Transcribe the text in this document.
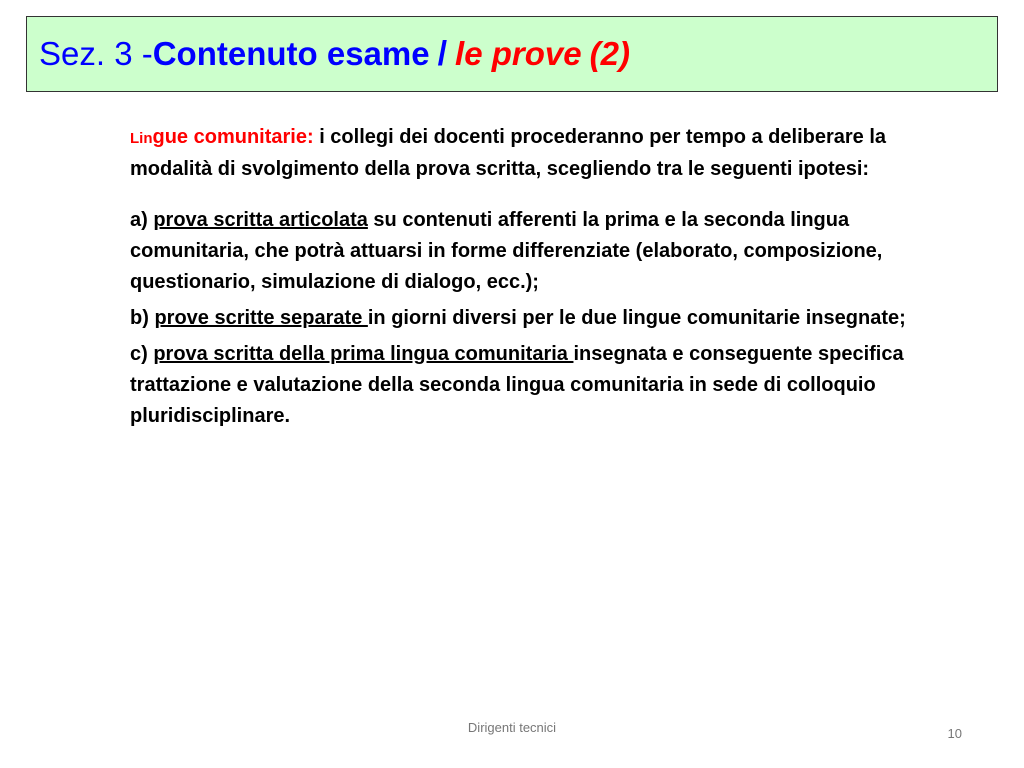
Sez. 3 - Contenuto esame / le prove (2)

Lingue comunitarie: i collegi dei docenti procederanno per tempo a deliberare la modalità di svolgimento della prova scritta, scegliendo tra le seguenti ipotesi:

a) prova scritta articolata su contenuti afferenti la prima e la seconda lingua comunitaria, che potrà attuarsi in forme differenziate (elaborato, composizione, questionario, simulazione di dialogo, ecc.);

b) prove scritte separate in giorni diversi per le due lingue comunitarie insegnate;

c) prova scritta della prima lingua comunitaria insegnata e conseguente specifica trattazione e valutazione della seconda lingua comunitaria in sede di colloquio pluridisciplinare.

Dirigenti tecnici	10
